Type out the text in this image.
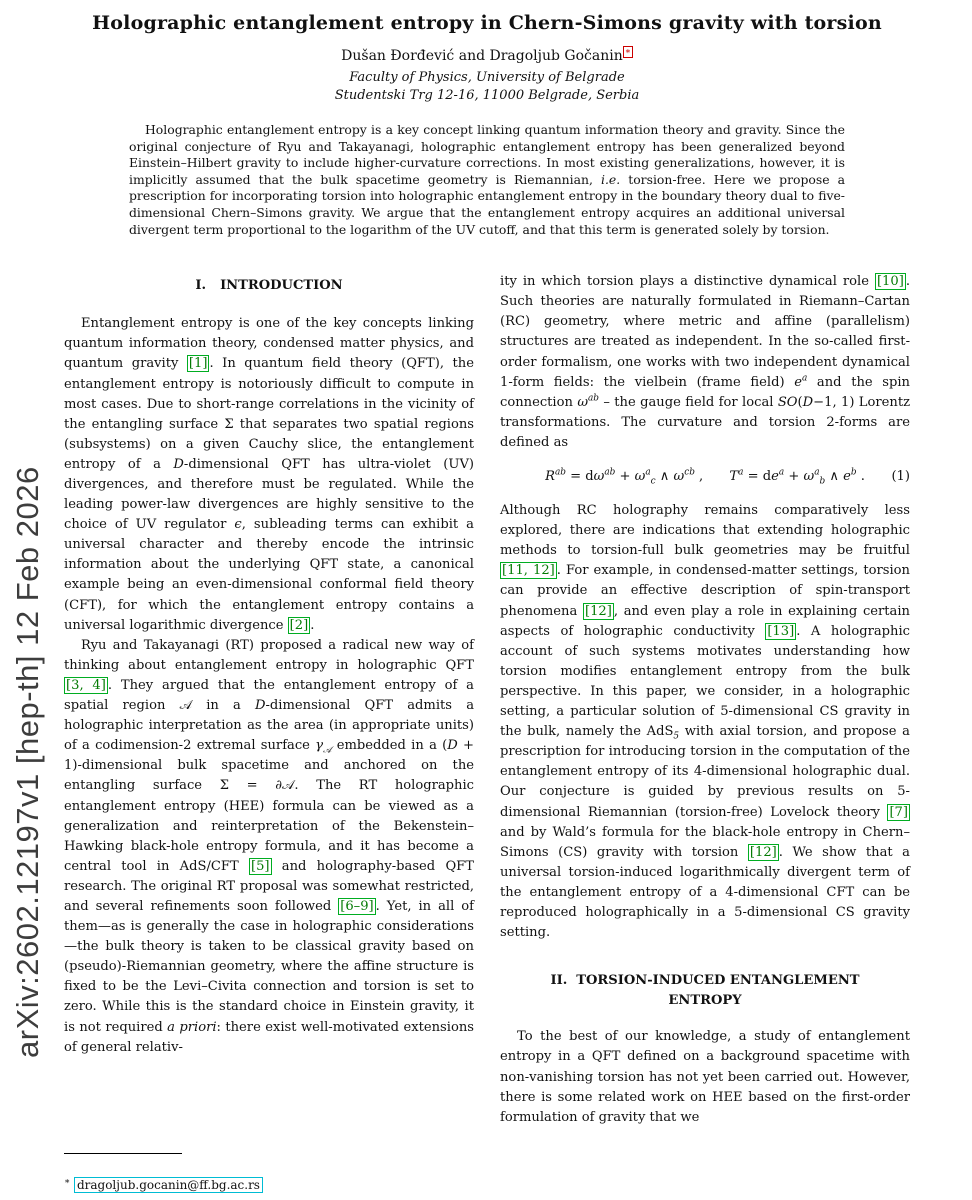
arXiv:2602.12197v1 [hep-th] 12 Feb 2026
Holographic entanglement entropy in Chern-Simons gravity with torsion
Dušan Đorđević and Dragoljub Gočanin ∗
Faculty of Physics, University of Belgrade
Studentski Trg 12-16, 11000 Belgrade, Serbia

Holographic entanglement entropy is a key concept linking quantum information theory and gravity. Since the original conjecture of Ryu and Takayanagi, holographic entanglement entropy has been generalized beyond Einstein–Hilbert gravity to include higher-curvature corrections. In most existing generalizations, however, it is implicitly assumed that the bulk spacetime geometry is Riemannian, i.e. torsion-free. Here we propose a prescription for incorporating torsion into holographic entanglement entropy in the boundary theory dual to five-dimensional Chern–Simons gravity. We argue that the entanglement entropy acquires an additional universal divergent term proportional to the logarithm of the UV cutoff, and that this term is generated solely by torsion.

I. INTRODUCTION

Entanglement entropy is one of the key concepts linking quantum information theory, condensed matter physics, and quantum gravity [1] . In quantum field theory (QFT), the entanglement entropy is notoriously difficult to compute in most cases. Due to short-range correlations in the vicinity of the entangling surface Σ that separates two spatial regions (subsystems) on a given Cauchy slice, the entanglement entropy of a D-dimensional QFT has ultra-violet (UV) divergences, and therefore must be regulated. While the leading power-law divergences are highly sensitive to the choice of UV regulator ϵ, subleading terms can exhibit a universal character and thereby encode the intrinsic information about the underlying QFT state, a canonical example being an even-dimensional conformal field theory (CFT), for which the entanglement entropy contains a universal logarithmic divergence [2] .

Ryu and Takayanagi (RT) proposed a radical new way of thinking about entanglement entropy in holographic QFT [3, 4] . They argued that the entanglement entropy of a spatial region 𝒜 in a D-dimensional QFT admits a holographic interpretation as the area (in appropriate units) of a codimension-2 extremal surface $\gamma_𝒜$ embedded in a (D + 1)-dimensional bulk spacetime and anchored on the entangling surface Σ = ∂𝒜. The RT holographic entanglement entropy (HEE) formula can be viewed as a generalization and reinterpretation of the Bekenstein–Hawking black-hole entropy formula, and it has become a central tool in AdS/CFT [5] and holography-based QFT research. The original RT proposal was somewhat restricted, and several refinements soon followed [6–9] . Yet, in all of them—as is generally the case in holographic considerations—the bulk theory is taken to be classical gravity based on (pseudo)-Riemannian geometry, where the affine structure is fixed to be the Levi–Civita connection and torsion is set to zero. While this is the standard choice in Einstein gravity, it is not required a priori: there exist well-motivated extensions of general relativ-

ity in which torsion plays a distinctive dynamical role [10] . Such theories are naturally formulated in Riemann–Cartan (RC) geometry, where metric and affine (parallelism) structures are treated as independent. In the so-called first-order formalism, one works with two independent dynamical 1-form fields: the vielbein (frame field) $e^a$ and the spin connection $\omega^{ab}$ – the gauge field for local SO(D−1, 1) Lorentz transformations. The curvature and torsion 2-forms are defined as

$R^{ab} = d\omega^{ab} + \omega^a_c$ ∧ $\omega^{cb}$ ,   $T^a = de^a + \omega^a_b$ ∧ $e^b$ . (1)

Although RC holography remains comparatively less explored, there are indications that extending holographic methods to torsion-full bulk geometries may be fruitful [11, 12] . For example, in condensed-matter settings, torsion can provide an effective description of spin-transport phenomena [12] , and even play a role in explaining certain aspects of holographic conductivity [13] . A holographic account of such systems motivates understanding how torsion modifies entanglement entropy from the bulk perspective. In this paper, we consider, in a holographic setting, a particular solution of 5-dimensional CS gravity in the bulk, namely the AdS$_5$ with axial torsion, and propose a prescription for introducing torsion in the computation of the entanglement entropy of its 4-dimensional holographic dual. Our conjecture is guided by previous results on 5-dimensional Riemannian (torsion-free) Lovelock theory [7] and by Wald’s formula for the black-hole entropy in Chern–Simons (CS) gravity with torsion [12] . We show that a universal torsion-induced logarithmically divergent term of the entanglement entropy of a 4-dimensional CFT can be reproduced holographically in a 5-dimensional CS gravity setting.

II. TORSION-INDUCED ENTANGLEMENT ENTROPY

To the best of our knowledge, a study of entanglement entropy in a QFT defined on a background spacetime with non-vanishing torsion has not yet been carried out. However, there is some related work on HEE based on the first-order formulation of gravity that we

∗ dragoljub.gocanin@ff.bg.ac.rs
